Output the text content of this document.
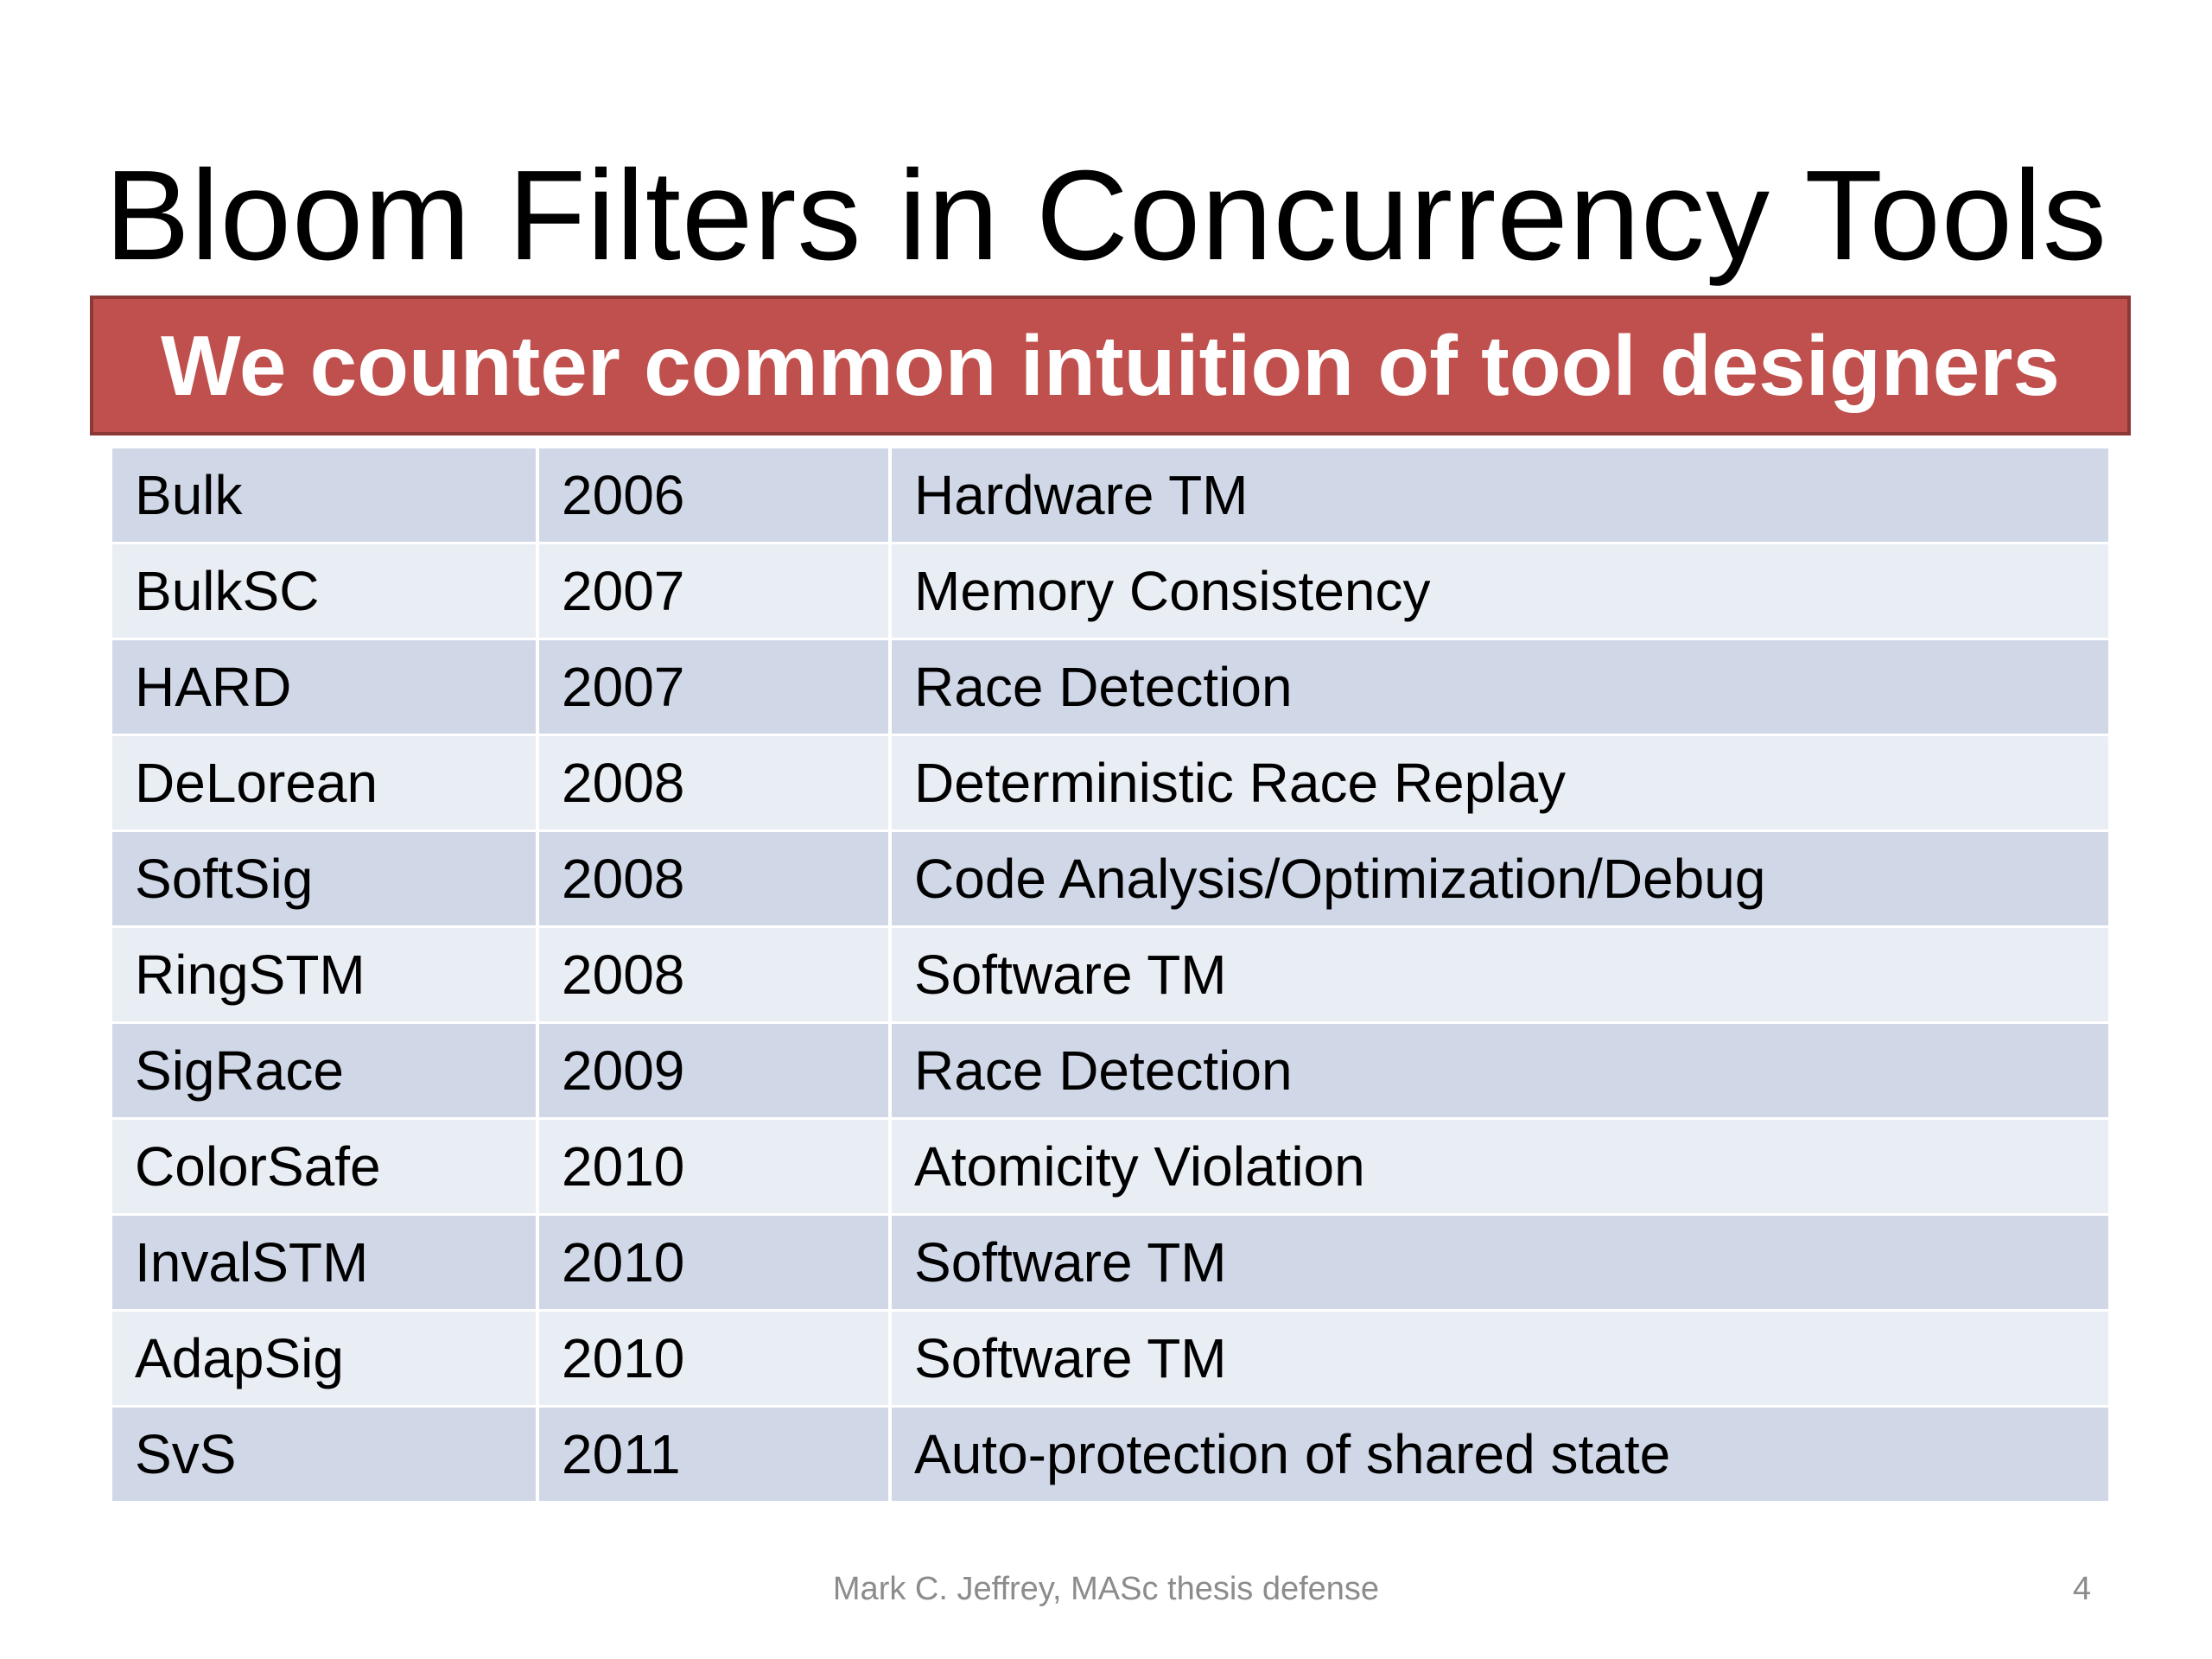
Bloom Filters in Concurrency Tools
We counter common intuition of tool designers
Bulk	2006	Hardware TM
BulkSC	2007	Memory Consistency
HARD	2007	Race Detection
DeLorean	2008	Deterministic Race Replay
SoftSig	2008	Code Analysis/Optimization/Debug
RingSTM	2008	Software TM
SigRace	2009	Race Detection
ColorSafe	2010	Atomicity Violation
InvalSTM	2010	Software TM
AdapSig	2010	Software TM
SvS	2011	Auto-protection of shared state
Mark C. Jeffrey, MASc thesis defense	4
